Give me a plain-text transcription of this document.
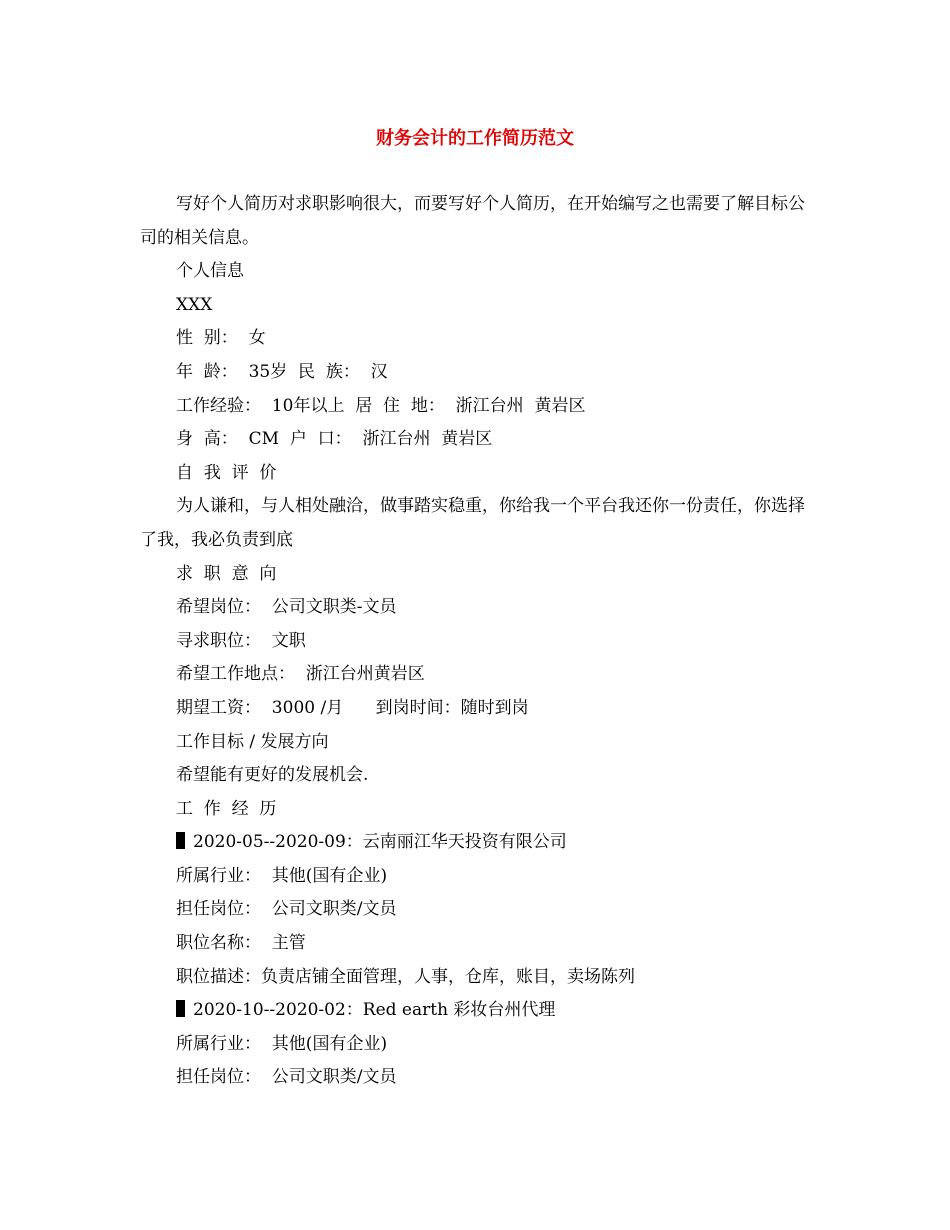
财务会计的工作简历范文

写好个人简历对求职影响很大，而要写好个人简历，在开始编写之也需要了解目标公司的相关信息。

个人信息

XXX

性  别：  女

年  龄：  35岁  民  族：  汉

工作经验：  10年以上  居  住  地：  浙江台州  黄岩区

身  高：  CM  户  口：  浙江台州  黄岩区

自  我  评  价

为人谦和，与人相处融洽，做事踏实稳重，你给我一个平台我还你一份责任，你选择了我，我必负责到底

求  职  意  向

希望岗位：  公司文职类-文员

寻求职位：  文职

希望工作地点：  浙江台州黄岩区

期望工资：  3000 /月      到岗时间：随时到岗

工作目标 / 发展方向

希望能有更好的发展机会.

工  作  经  历

2020-05--2020-09：云南丽江华天投资有限公司

所属行业：  其他(国有企业)

担任岗位：  公司文职类/文员

职位名称：  主管

职位描述：负责店铺全面管理，人事，仓库，账目，卖场陈列

2020-10--2020-02：Red earth 彩妆台州代理

所属行业：  其他(国有企业)

担任岗位：  公司文职类/文员
